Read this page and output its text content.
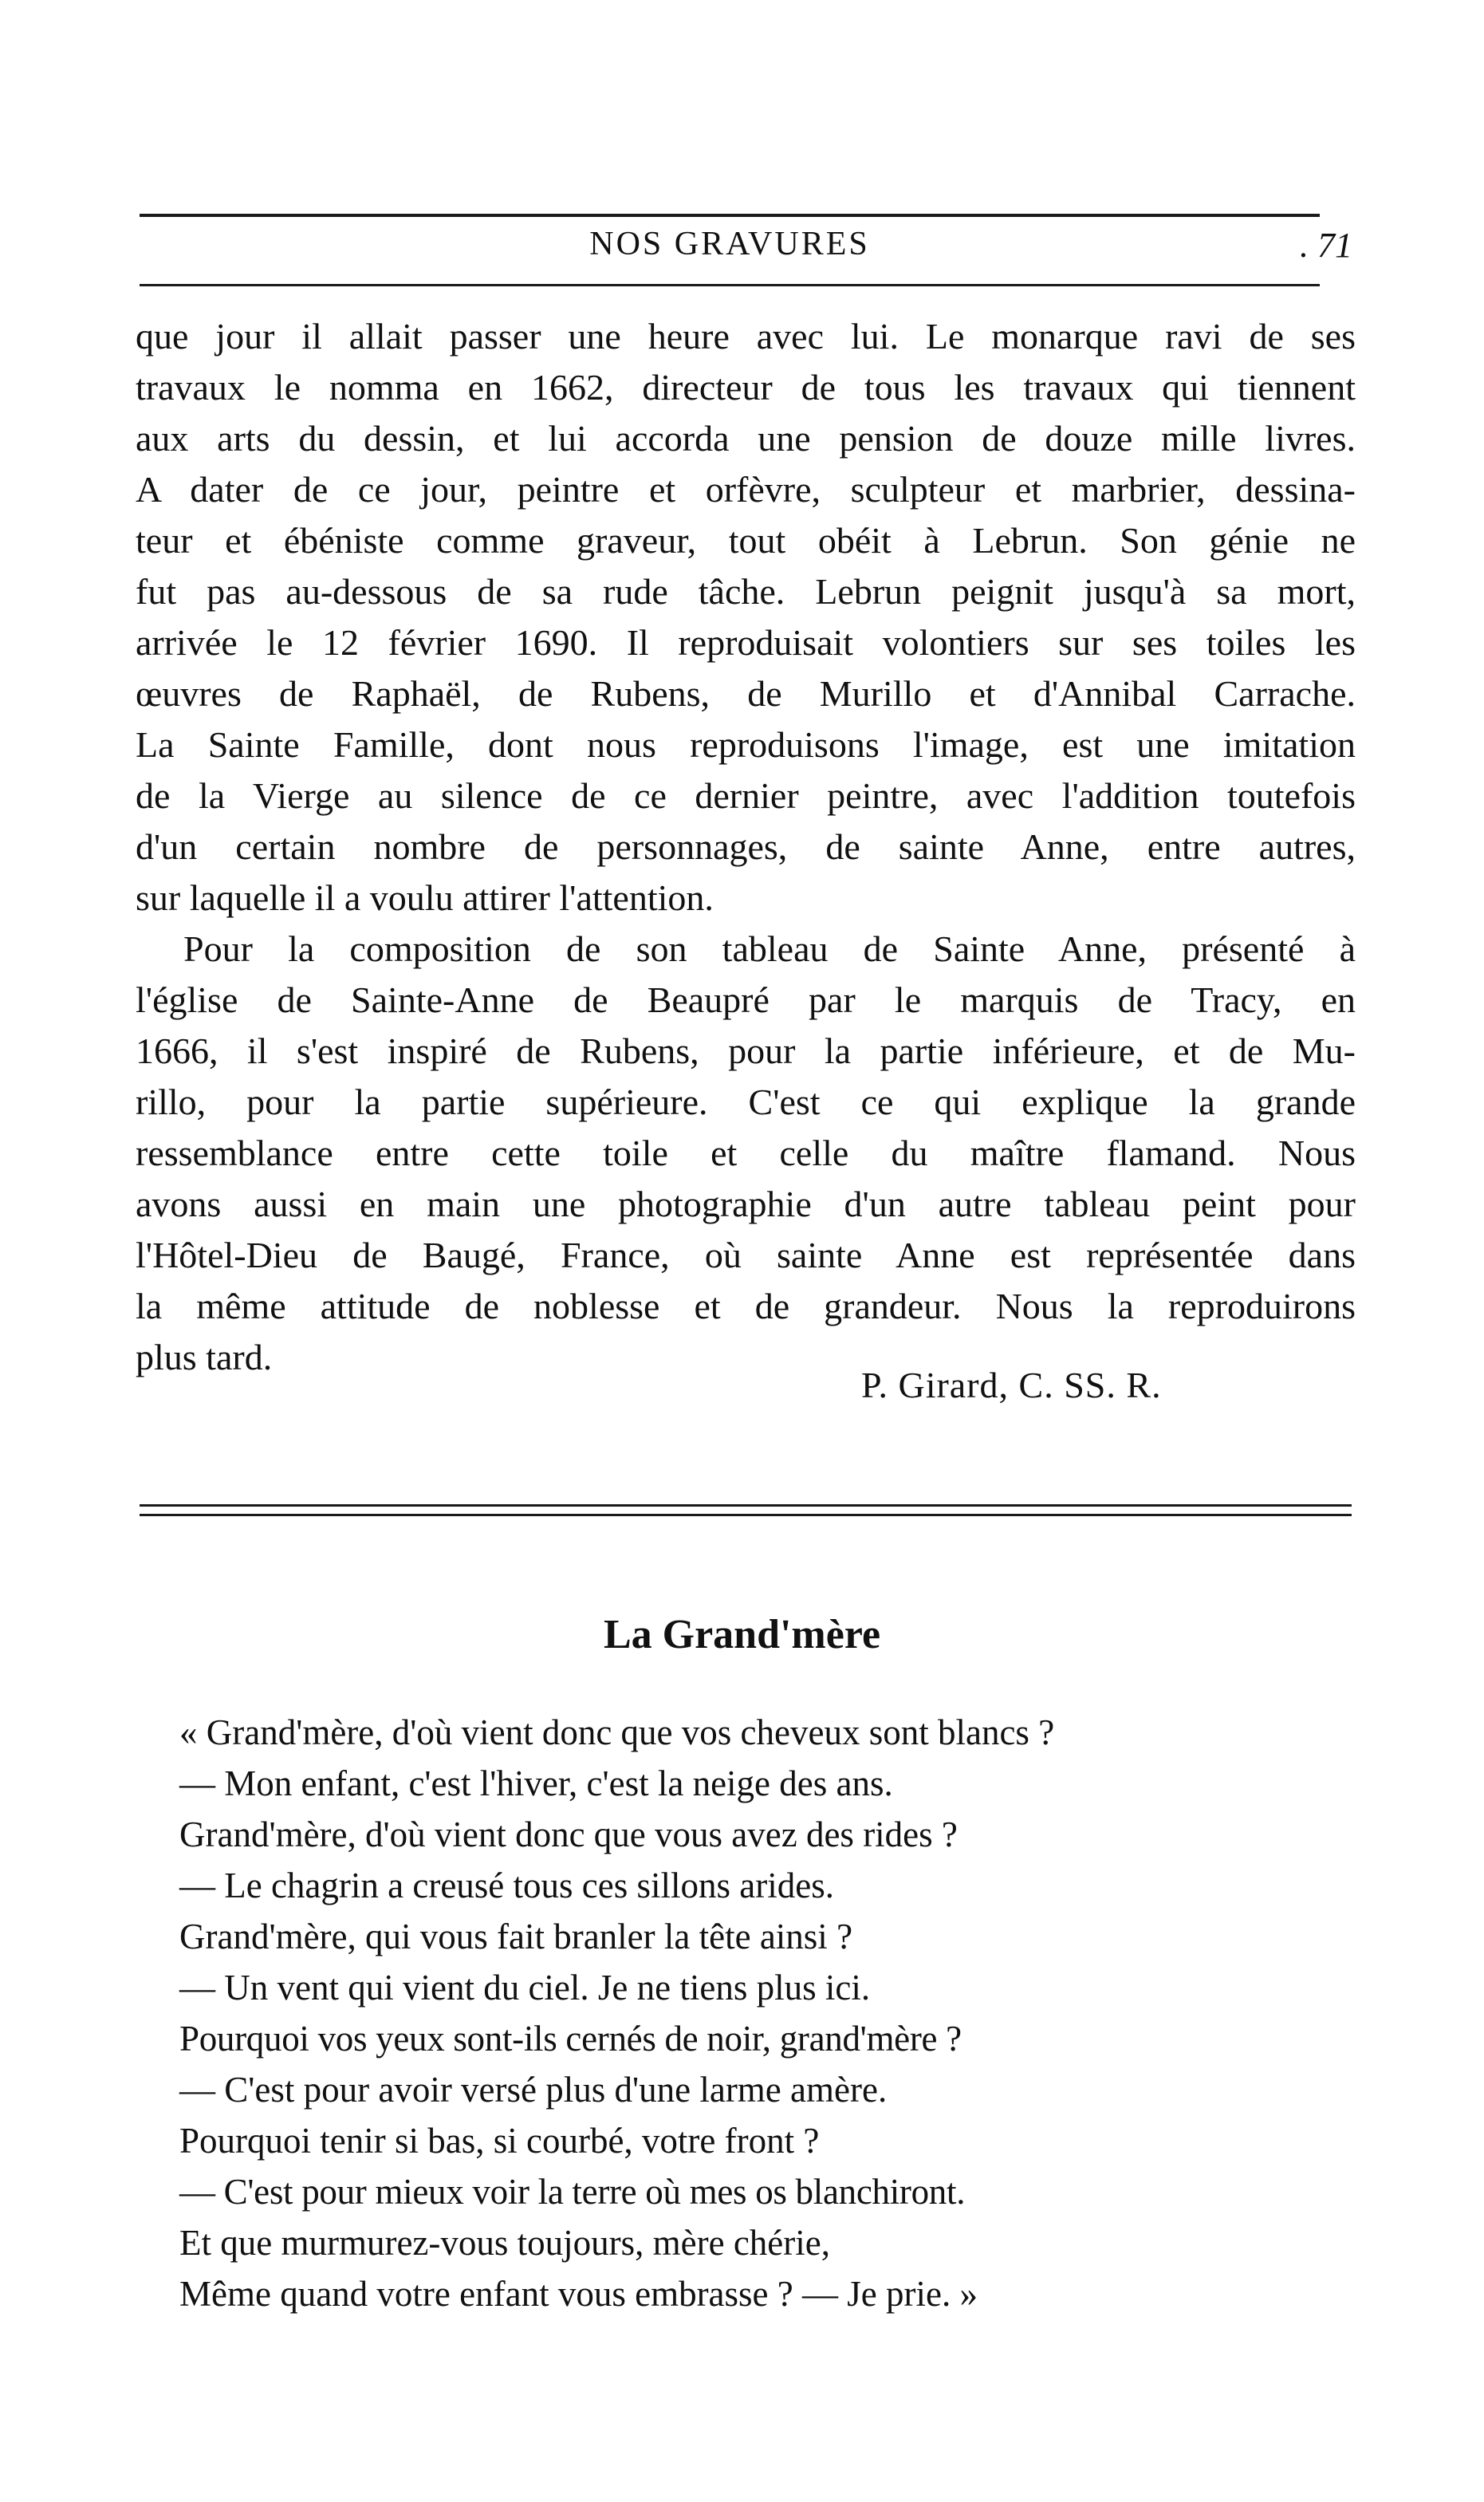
NOS GRAVURES	. 71
que jour il allait passer une heure avec lui. Le monarque ravi de ses
travaux le nomma en 1662, directeur de tous les travaux qui tiennent
aux arts du dessin, et lui accorda une pension de douze mille livres.
A dater de ce jour, peintre et orfèvre, sculpteur et marbrier, dessina-
teur et ébéniste comme graveur, tout obéit à Lebrun. Son génie ne
fut pas au-dessous de sa rude tâche. Lebrun peignit jusqu'à sa mort,
arrivée le 12 février 1690. Il reproduisait volontiers sur ses toiles les
œuvres de Raphaël, de Rubens, de Murillo et d'Annibal Carrache.
La Sainte Famille, dont nous reproduisons l'image, est une imitation
de la Vierge au silence de ce dernier peintre, avec l'addition toutefois
d'un certain nombre de personnages, de sainte Anne, entre autres,
sur laquelle il a voulu attirer l'attention.
Pour la composition de son tableau de Sainte Anne, présenté à
l'église de Sainte-Anne de Beaupré par le marquis de Tracy, en
1666, il s'est inspiré de Rubens, pour la partie inférieure, et de Mu-
rillo, pour la partie supérieure. C'est ce qui explique la grande
ressemblance entre cette toile et celle du maître flamand. Nous
avons aussi en main une photographie d'un autre tableau peint pour
l'Hôtel-Dieu de Baugé, France, où sainte Anne est représentée dans
la même attitude de noblesse et de grandeur. Nous la reproduirons
plus tard.
P. Girard, C. SS. R.
La Grand'mère
« Grand'mère, d'où vient donc que vos cheveux sont blancs ?
— Mon enfant, c'est l'hiver, c'est la neige des ans.
Grand'mère, d'où vient donc que vous avez des rides ?
— Le chagrin a creusé tous ces sillons arides.
Grand'mère, qui vous fait branler la tête ainsi ?
— Un vent qui vient du ciel. Je ne tiens plus ici.
Pourquoi vos yeux sont-ils cernés de noir, grand'mère ?
— C'est pour avoir versé plus d'une larme amère.
Pourquoi tenir si bas, si courbé, votre front ?
— C'est pour mieux voir la terre où mes os blanchiront.
Et que murmurez-vous toujours, mère chérie,
Même quand votre enfant vous embrasse ? — Je prie. »
